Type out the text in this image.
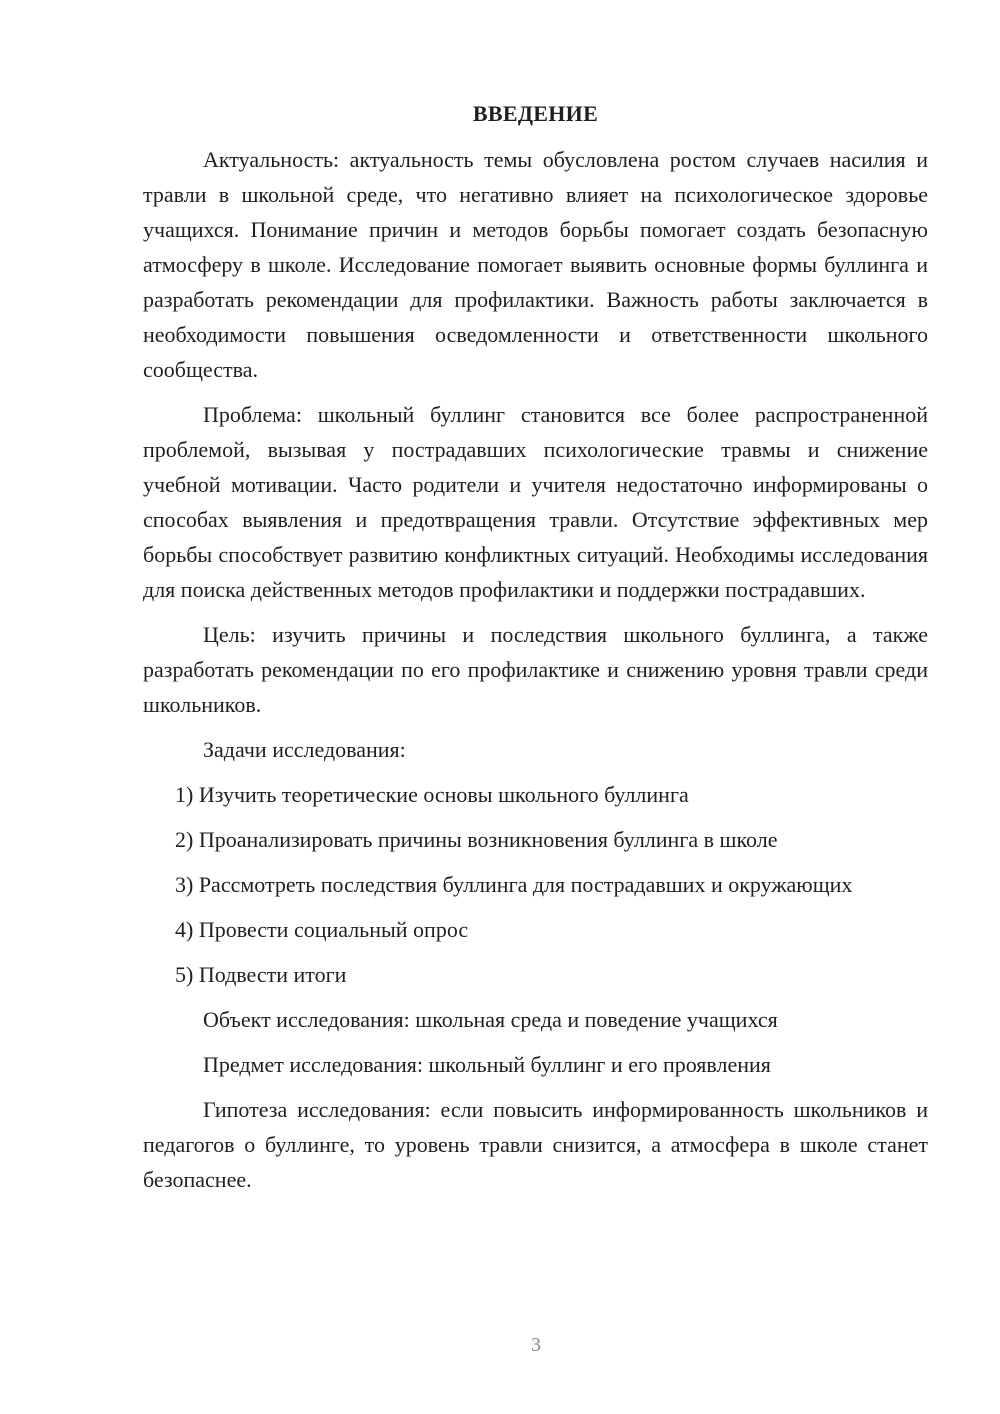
ВВЕДЕНИЕ

Актуальность: актуальность темы обусловлена ростом случаев насилия и травли в школьной среде, что негативно влияет на психологическое здоровье учащихся. Понимание причин и методов борьбы помогает создать безопасную атмосферу в школе. Исследование помогает выявить основные формы буллинга и разработать рекомендации для профилактики. Важность работы заключается в необходимости повышения осведомленности и ответственности школьного сообщества.

Проблема: школьный буллинг становится все более распространенной проблемой, вызывая у пострадавших психологические травмы и снижение учебной мотивации. Часто родители и учителя недостаточно информированы о способах выявления и предотвращения травли. Отсутствие эффективных мер борьбы способствует развитию конфликтных ситуаций. Необходимы исследования для поиска действенных методов профилактики и поддержки пострадавших.

Цель: изучить причины и последствия школьного буллинга, а также разработать рекомендации по его профилактике и снижению уровня травли среди школьников.

Задачи исследования:

1) Изучить теоретические основы школьного буллинга

2) Проанализировать причины возникновения буллинга в школе

3) Рассмотреть последствия буллинга для пострадавших и окружающих

4) Провести социальный опрос

5) Подвести итоги

Объект исследования: школьная среда и поведение учащихся

Предмет исследования: школьный буллинг и его проявления

Гипотеза исследования: если повысить информированность школьников и педагогов о буллинге, то уровень травли снизится, а атмосфера в школе станет безопаснее.

3
